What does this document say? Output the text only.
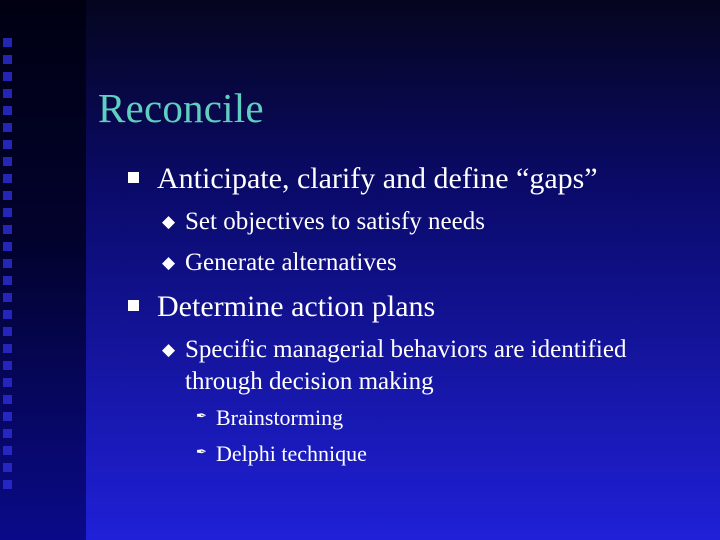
Reconcile
Anticipate, clarify and define “gaps”
◆ Set objectives to satisfy needs
◆ Generate alternatives
Determine action plans
◆ Specific managerial behaviors are identified
through decision making
✒ Brainstorming
✒ Delphi technique
